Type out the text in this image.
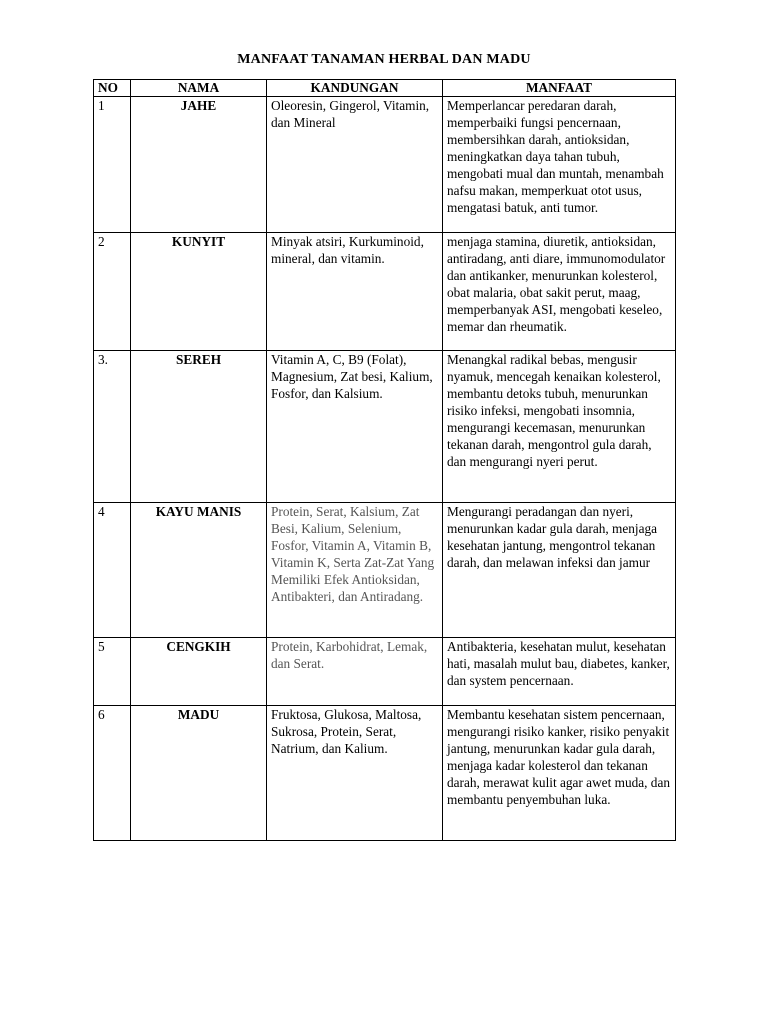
MANFAAT TANAMAN HERBAL DAN MADU
NO	NAMA	KANDUNGAN	MANFAAT
1	JAHE	Oleoresin, Gingerol, Vitamin, dan Mineral	Memperlancar peredaran darah, memperbaiki fungsi pencernaan, membersihkan darah, antioksidan, meningkatkan daya tahan tubuh, mengobati mual dan muntah, menambah nafsu makan, memperkuat otot usus, mengatasi batuk, anti tumor.
2	KUNYIT	Minyak atsiri, Kurkuminoid, mineral, dan vitamin.	menjaga stamina, diuretik, antioksidan, antiradang, anti diare, immunomodulator dan antikanker, menurunkan kolesterol, obat malaria, obat sakit perut, maag, memperbanyak ASI, mengobati keseleo, memar dan rheumatik.
3.	SEREH	Vitamin A, C, B9 (Folat), Magnesium, Zat besi, Kalium, Fosfor, dan Kalsium.	Menangkal radikal bebas, mengusir nyamuk, mencegah kenaikan kolesterol, membantu detoks tubuh, menurunkan risiko infeksi, mengobati insomnia, mengurangi kecemasan, menurunkan tekanan darah, mengontrol gula darah, dan mengurangi nyeri perut.
4	KAYU MANIS	Protein, Serat, Kalsium, Zat Besi, Kalium, Selenium, Fosfor, Vitamin A, Vitamin B, Vitamin K, Serta Zat-Zat Yang Memiliki Efek Antioksidan, Antibakteri, dan Antiradang.	Mengurangi peradangan dan nyeri, menurunkan kadar gula darah, menjaga kesehatan jantung, mengontrol tekanan darah, dan melawan infeksi dan jamur
5	CENGKIH	Protein, Karbohidrat, Lemak, dan Serat.	Antibakteria, kesehatan mulut, kesehatan hati, masalah mulut bau, diabetes, kanker, dan system pencernaan.
6	MADU	Fruktosa, Glukosa, Maltosa, Sukrosa, Protein, Serat, Natrium, dan Kalium.	Membantu kesehatan sistem pencernaan, mengurangi risiko kanker, risiko penyakit jantung, menurunkan kadar gula darah, menjaga kadar kolesterol dan tekanan darah, merawat kulit agar awet muda, dan membantu penyembuhan luka.
